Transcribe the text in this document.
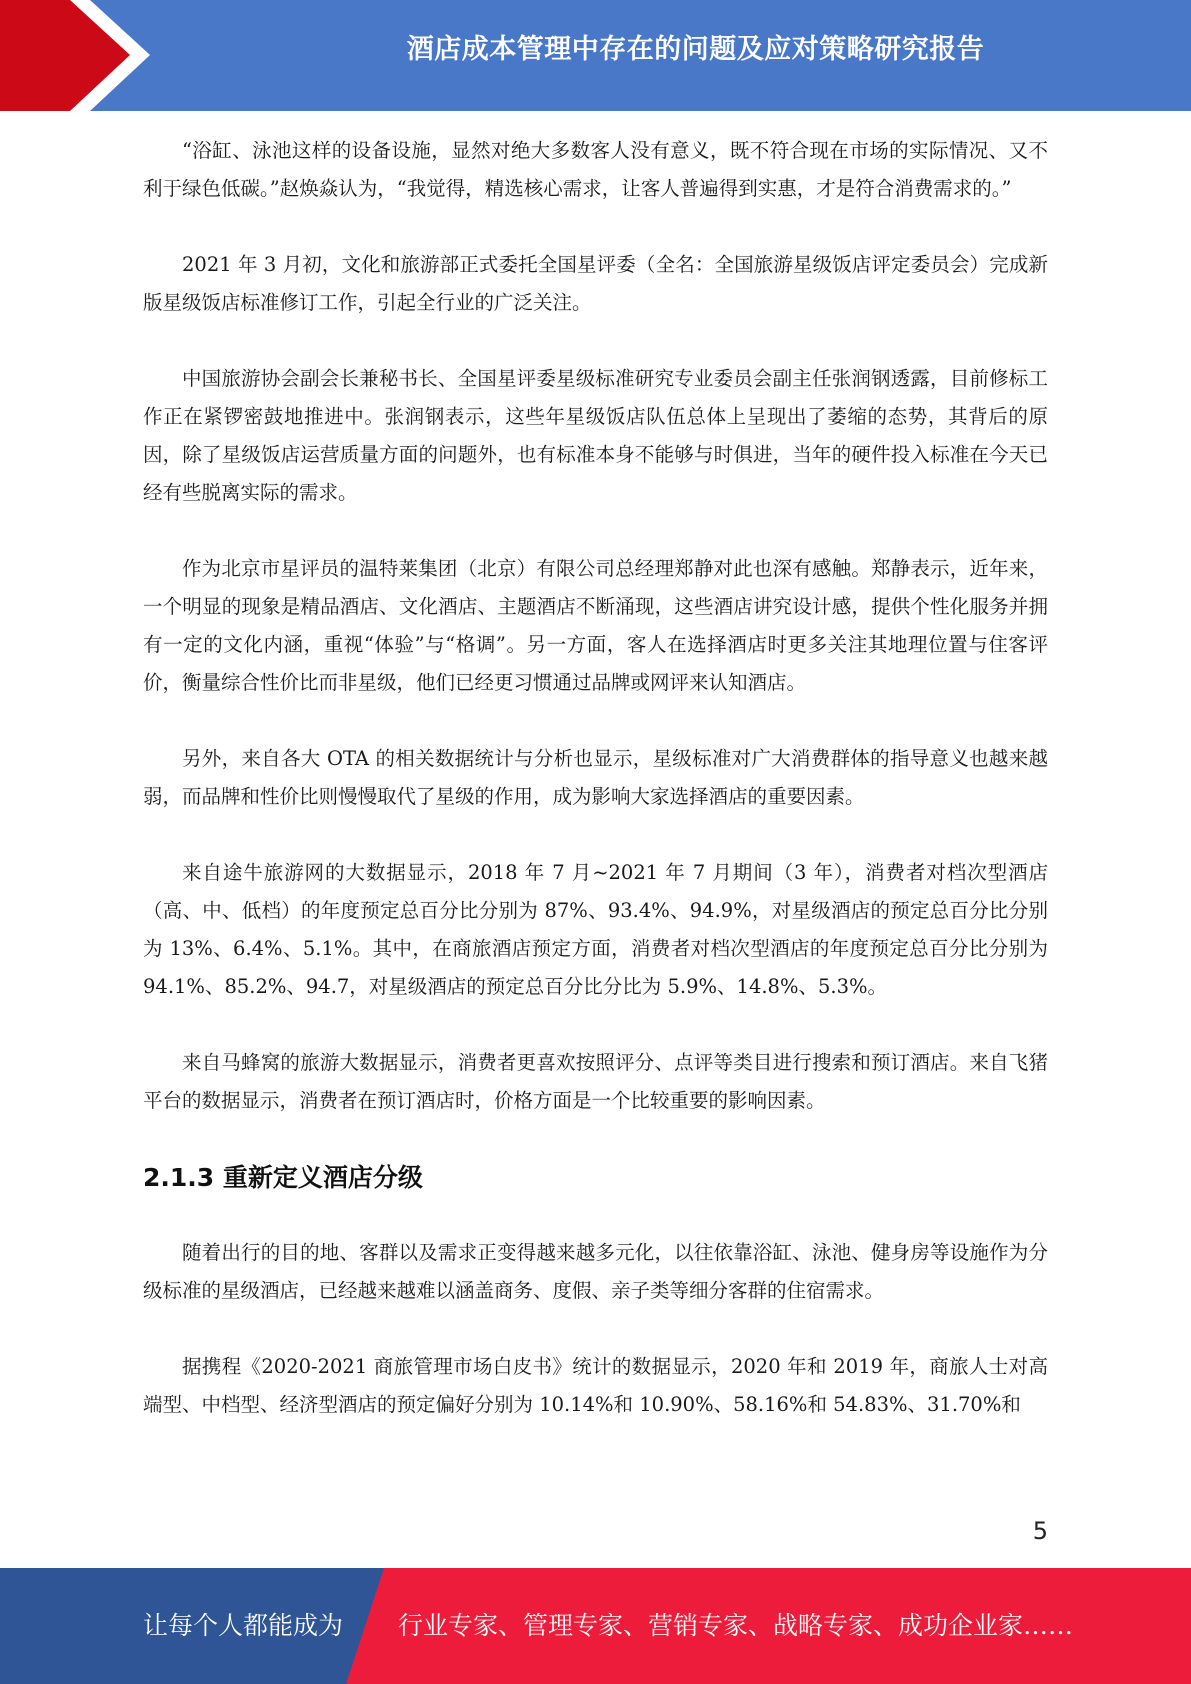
酒店成本管理中存在的问题及应对策略研究报告

“浴缸、泳池这样的设备设施，显然对绝大多数客人没有意义，既不符合现在市场的实际情况、又不利于绿色低碳。”赵焕焱认为，“我觉得，精选核心需求，让客人普遍得到实惠，才是符合消费需求的。”

2021 年 3 月初，文化和旅游部正式委托全国星评委（全名：全国旅游星级饭店评定委员会）完成新版星级饭店标准修订工作，引起全行业的广泛关注。

中国旅游协会副会长兼秘书长、全国星评委星级标准研究专业委员会副主任张润钢透露，目前修标工作正在紧锣密鼓地推进中。张润钢表示，这些年星级饭店队伍总体上呈现出了萎缩的态势，其背后的原因，除了星级饭店运营质量方面的问题外，也有标准本身不能够与时俱进，当年的硬件投入标准在今天已经有些脱离实际的需求。

作为北京市星评员的温特莱集团（北京）有限公司总经理郑静对此也深有感触。郑静表示，近年来，一个明显的现象是精品酒店、文化酒店、主题酒店不断涌现，这些酒店讲究设计感，提供个性化服务并拥有一定的文化内涵，重视“体验”与“格调”。另一方面，客人在选择酒店时更多关注其地理位置与住客评价，衡量综合性价比而非星级，他们已经更习惯通过品牌或网评来认知酒店。

另外，来自各大 OTA 的相关数据统计与分析也显示，星级标准对广大消费群体的指导意义也越来越弱，而品牌和性价比则慢慢取代了星级的作用，成为影响大家选择酒店的重要因素。

来自途牛旅游网的大数据显示，2018 年 7 月~2021 年 7 月期间（3 年），消费者对档次型酒店（高、中、低档）的年度预定总百分比分别为 87%、93.4%、94.9%，对星级酒店的预定总百分比分别为 13%、6.4%、5.1%。其中，在商旅酒店预定方面，消费者对档次型酒店的年度预定总百分比分别为 94.1%、85.2%、94.7，对星级酒店的预定总百分比分比为 5.9%、14.8%、5.3%。

来自马蜂窝的旅游大数据显示，消费者更喜欢按照评分、点评等类目进行搜索和预订酒店。来自飞猪平台的数据显示，消费者在预订酒店时，价格方面是一个比较重要的影响因素。

2.1.3 重新定义酒店分级

随着出行的目的地、客群以及需求正变得越来越多元化，以往依靠浴缸、泳池、健身房等设施作为分级标准的星级酒店，已经越来越难以涵盖商务、度假、亲子类等细分客群的住宿需求。

据携程《2020-2021 商旅管理市场白皮书》统计的数据显示，2020 年和 2019 年，商旅人士对高端型、中档型、经济型酒店的预定偏好分别为 10.14%和 10.90%、58.16%和 54.83%、31.70%和

5
让每个人都能成为 行业专家、管理专家、营销专家、战略专家、成功企业家……
